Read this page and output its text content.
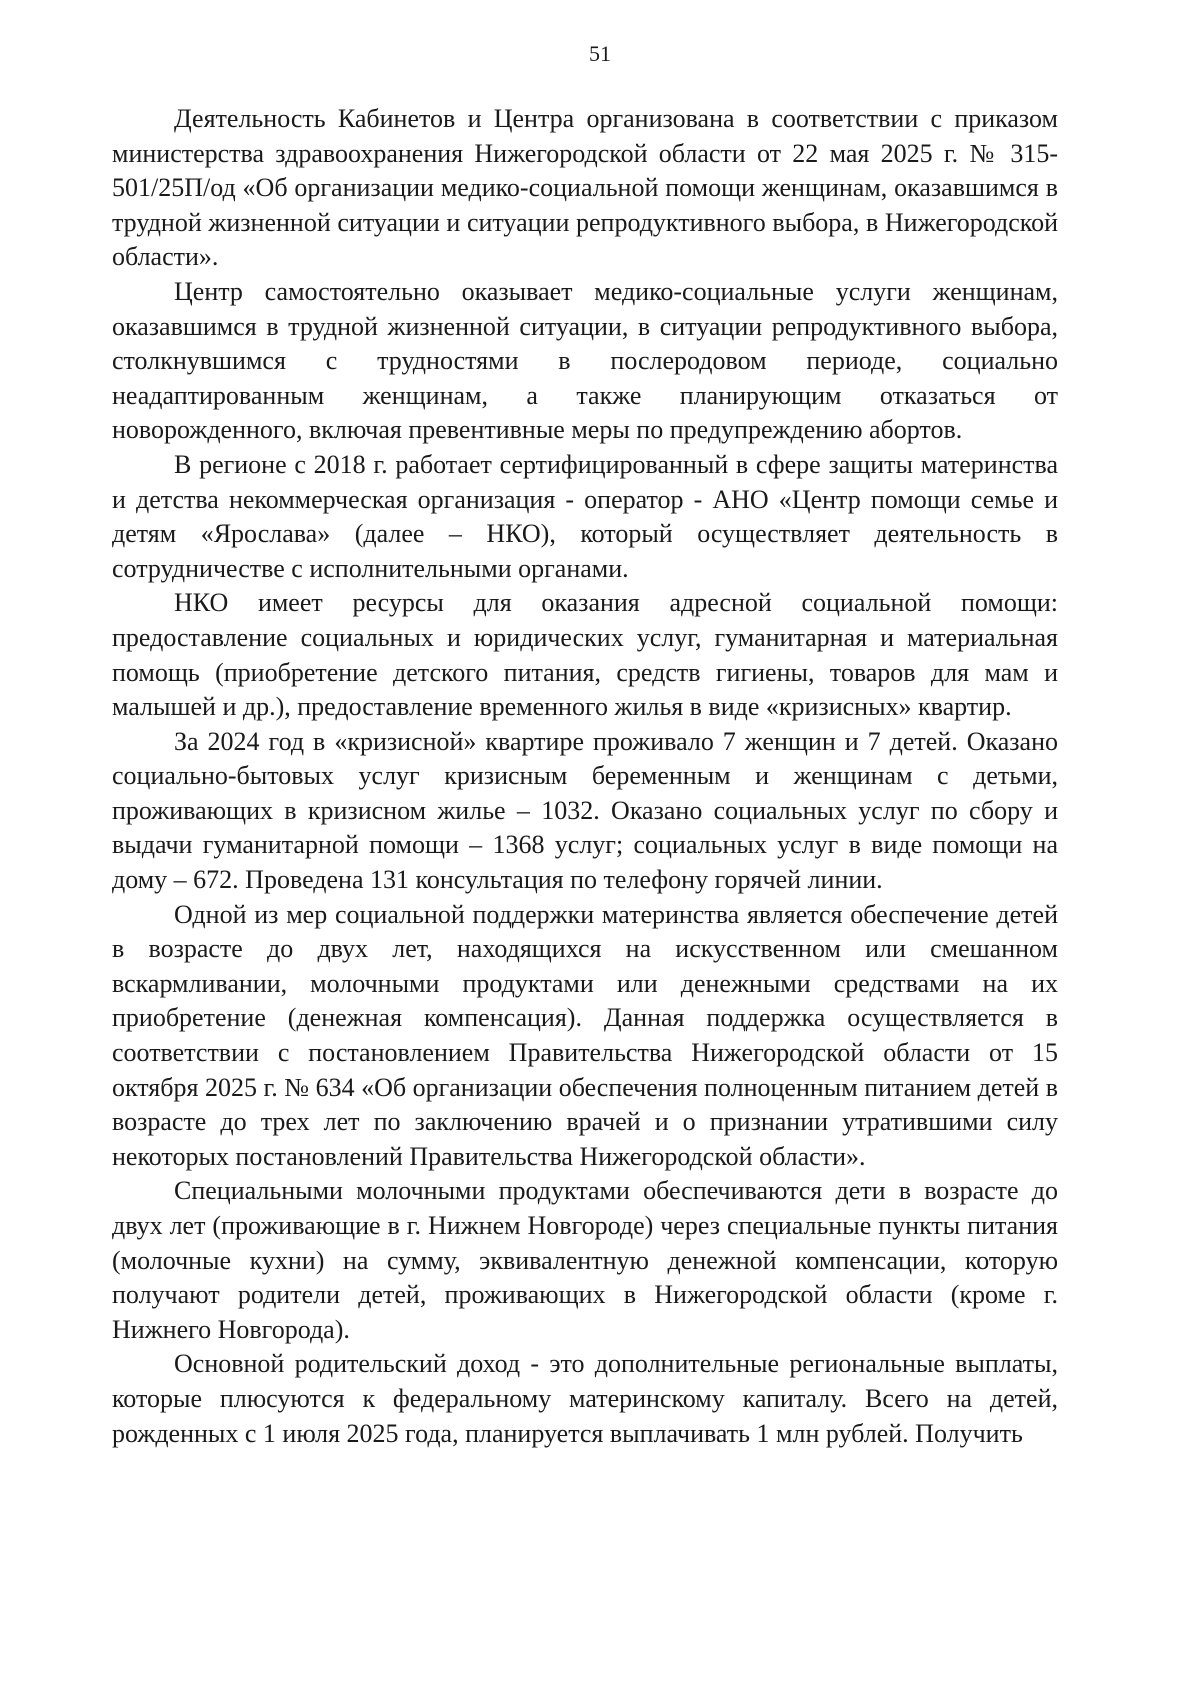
51

Деятельность Кабинетов и Центра организована в соответствии с приказом министерства здравоохранения Нижегородской области от 22 мая 2025 г. № 315-501/25П/од «Об организации медико-социальной помощи женщинам, оказавшимся в трудной жизненной ситуации и ситуации репродуктивного выбора, в Нижегородской области».

Центр самостоятельно оказывает медико-социальные услуги женщинам, оказавшимся в трудной жизненной ситуации, в ситуации репродуктивного выбора, столкнувшимся с трудностями в послеродовом периоде, социально неадаптированным женщинам, а также планирующим отказаться от новорожденного, включая превентивные меры по предупреждению абортов.

В регионе с 2018 г. работает сертифицированный в сфере защиты материнства и детства некоммерческая организация - оператор - АНО «Центр помощи семье и детям «Ярослава» (далее – НКО), который осуществляет деятельность в сотрудничестве с исполнительными органами.

НКО имеет ресурсы для оказания адресной социальной помощи: предоставление социальных и юридических услуг, гуманитарная и материальная помощь (приобретение детского питания, средств гигиены, товаров для мам и малышей и др.), предоставление временного жилья в виде «кризисных» квартир.

За 2024 год в «кризисной» квартире проживало 7 женщин и 7 детей. Оказано социально-бытовых услуг кризисным беременным и женщинам с детьми, проживающих в кризисном жилье – 1032. Оказано социальных услуг по сбору и выдачи гуманитарной помощи – 1368 услуг; социальных услуг в виде помощи на дому – 672. Проведена 131 консультация по телефону горячей линии.

Одной из мер социальной поддержки материнства является обеспечение детей в возрасте до двух лет, находящихся на искусственном или смешанном вскармливании, молочными продуктами или денежными средствами на их приобретение (денежная компенсация). Данная поддержка осуществляется в соответствии с постановлением Правительства Нижегородской области от 15 октября 2025 г. № 634 «Об организации обеспечения полноценным питанием детей в возрасте до трех лет по заключению врачей и о признании утратившими силу некоторых постановлений Правительства Нижегородской области».

Специальными молочными продуктами обеспечиваются дети в возрасте до двух лет (проживающие в г. Нижнем Новгороде) через специальные пункты питания (молочные кухни) на сумму, эквивалентную денежной компенсации, которую получают родители детей, проживающих в Нижегородской области (кроме г. Нижнего Новгорода).

Основной родительский доход - это дополнительные региональные выплаты, которые плюсуются к федеральному материнскому капиталу. Всего на детей, рожденных с 1 июля 2025 года, планируется выплачивать 1 млн рублей. Получить
